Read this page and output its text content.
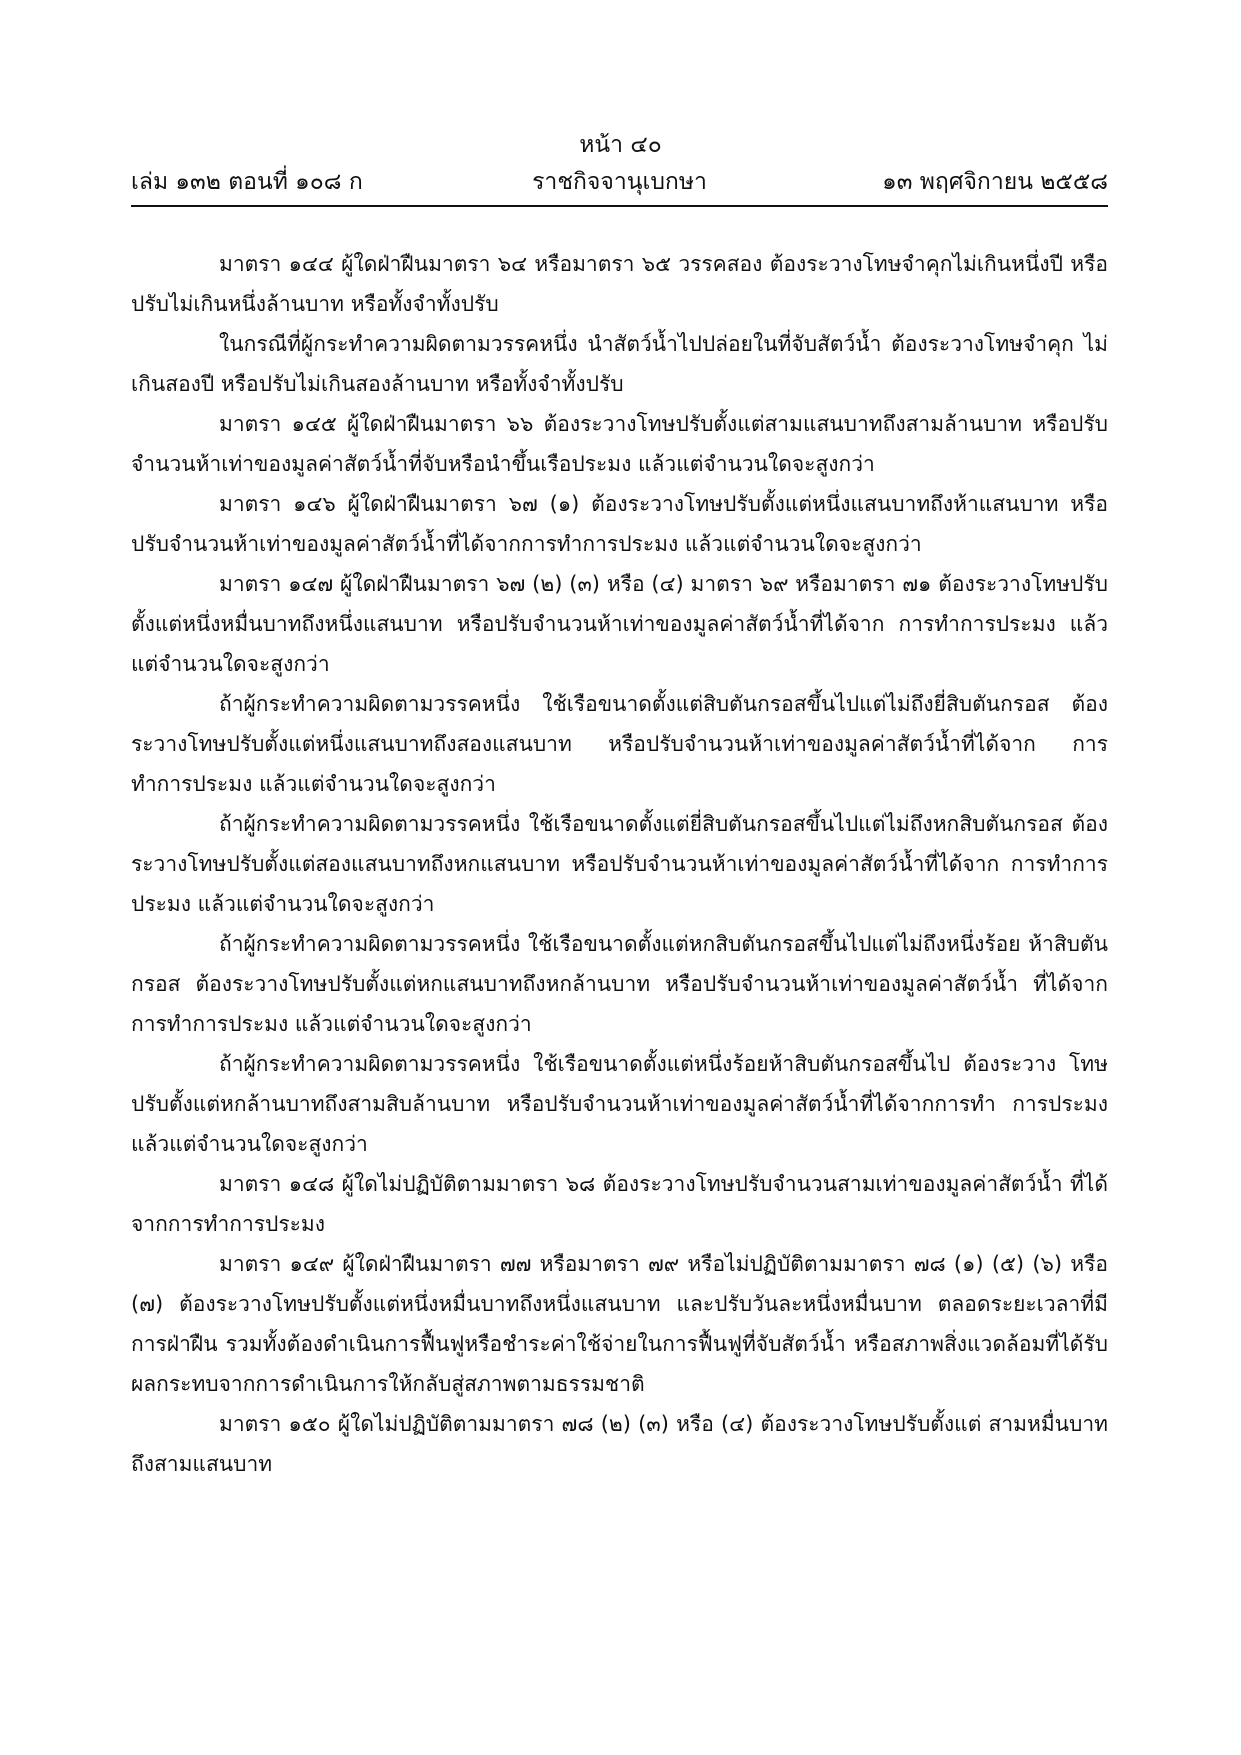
หน้า ๔๐
เล่ม ๑๓๒ ตอนที่ ๑๐๘ ก	ราชกิจจานุเบกษา	๑๓ พฤศจิกายน ๒๕๕๘

มาตรา ๑๔๔ ผู้ใดฝ่าฝืนมาตรา ๖๔ หรือมาตรา ๖๕ วรรคสอง ต้องระวางโทษจำคุกไม่เกินหนึ่งปี หรือปรับไม่เกินหนึ่งล้านบาท หรือทั้งจำทั้งปรับ

ในกรณีที่ผู้กระทำความผิดตามวรรคหนึ่ง นำสัตว์น้ำไปปล่อยในที่จับสัตว์น้ำ ต้องระวางโทษจำคุก ไม่เกินสองปี หรือปรับไม่เกินสองล้านบาท หรือทั้งจำทั้งปรับ

มาตรา ๑๔๕ ผู้ใดฝ่าฝืนมาตรา ๖๖ ต้องระวางโทษปรับตั้งแต่สามแสนบาทถึงสามล้านบาท หรือปรับจำนวนห้าเท่าของมูลค่าสัตว์น้ำที่จับหรือนำขึ้นเรือประมง แล้วแต่จำนวนใดจะสูงกว่า

มาตรา ๑๔๖ ผู้ใดฝ่าฝืนมาตรา ๖๗ (๑) ต้องระวางโทษปรับตั้งแต่หนึ่งแสนบาทถึงห้าแสนบาท หรือปรับจำนวนห้าเท่าของมูลค่าสัตว์น้ำที่ได้จากการทำการประมง แล้วแต่จำนวนใดจะสูงกว่า

มาตรา ๑๔๗ ผู้ใดฝ่าฝืนมาตรา ๖๗ (๒) (๓) หรือ (๔) มาตรา ๖๙ หรือมาตรา ๗๑ ต้องระวางโทษปรับตั้งแต่หนึ่งหมื่นบาทถึงหนึ่งแสนบาท หรือปรับจำนวนห้าเท่าของมูลค่าสัตว์น้ำที่ได้จาก การทำการประมง แล้วแต่จำนวนใดจะสูงกว่า

ถ้าผู้กระทำความผิดตามวรรคหนึ่ง ใช้เรือขนาดตั้งแต่สิบตันกรอสขึ้นไปแต่ไม่ถึงยี่สิบตันกรอส ต้องระวางโทษปรับตั้งแต่หนึ่งแสนบาทถึงสองแสนบาท หรือปรับจำนวนห้าเท่าของมูลค่าสัตว์น้ำที่ได้จาก การทำการประมง แล้วแต่จำนวนใดจะสูงกว่า

ถ้าผู้กระทำความผิดตามวรรคหนึ่ง ใช้เรือขนาดตั้งแต่ยี่สิบตันกรอสขึ้นไปแต่ไม่ถึงหกสิบตันกรอส ต้องระวางโทษปรับตั้งแต่สองแสนบาทถึงหกแสนบาท หรือปรับจำนวนห้าเท่าของมูลค่าสัตว์น้ำที่ได้จาก การทำการประมง แล้วแต่จำนวนใดจะสูงกว่า

ถ้าผู้กระทำความผิดตามวรรคหนึ่ง ใช้เรือขนาดตั้งแต่หกสิบตันกรอสขึ้นไปแต่ไม่ถึงหนึ่งร้อย ห้าสิบตันกรอส ต้องระวางโทษปรับตั้งแต่หกแสนบาทถึงหกล้านบาท หรือปรับจำนวนห้าเท่าของมูลค่าสัตว์น้ำ ที่ได้จากการทำการประมง แล้วแต่จำนวนใดจะสูงกว่า

ถ้าผู้กระทำความผิดตามวรรคหนึ่ง ใช้เรือขนาดตั้งแต่หนึ่งร้อยห้าสิบตันกรอสขึ้นไป ต้องระวาง โทษปรับตั้งแต่หกล้านบาทถึงสามสิบล้านบาท หรือปรับจำนวนห้าเท่าของมูลค่าสัตว์น้ำที่ได้จากการทำ การประมง แล้วแต่จำนวนใดจะสูงกว่า

มาตรา ๑๔๘ ผู้ใดไม่ปฏิบัติตามมาตรา ๖๘ ต้องระวางโทษปรับจำนวนสามเท่าของมูลค่าสัตว์น้ำ ที่ได้จากการทำการประมง

มาตรา ๑๔๙ ผู้ใดฝ่าฝืนมาตรา ๗๗ หรือมาตรา ๗๙ หรือไม่ปฏิบัติตามมาตรา ๗๘ (๑) (๕) (๖) หรือ (๗) ต้องระวางโทษปรับตั้งแต่หนึ่งหมื่นบาทถึงหนึ่งแสนบาท และปรับวันละหนึ่งหมื่นบาท ตลอดระยะเวลาที่มีการฝ่าฝืน รวมทั้งต้องดำเนินการฟื้นฟูหรือชำระค่าใช้จ่ายในการฟื้นฟูที่จับสัตว์น้ำ หรือสภาพสิ่งแวดล้อมที่ได้รับผลกระทบจากการดำเนินการให้กลับสู่สภาพตามธรรมชาติ

มาตรา ๑๕๐ ผู้ใดไม่ปฏิบัติตามมาตรา ๗๘ (๒) (๓) หรือ (๔) ต้องระวางโทษปรับตั้งแต่ สามหมื่นบาทถึงสามแสนบาท
